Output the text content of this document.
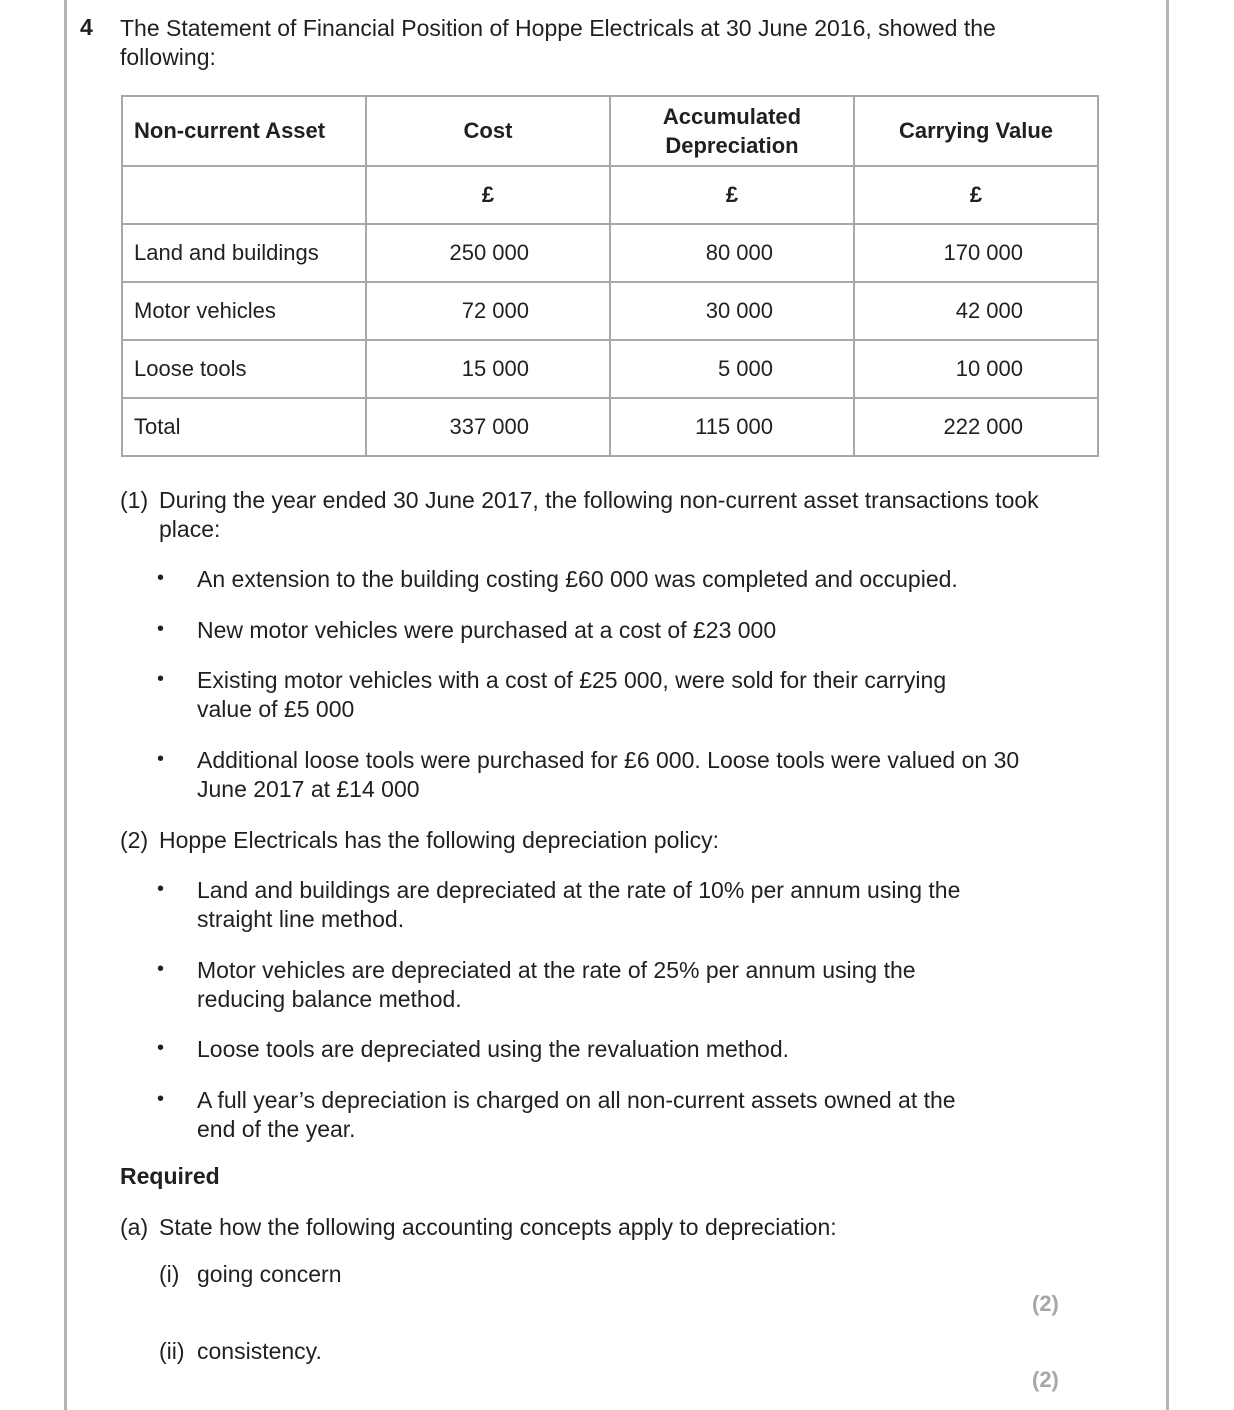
4 The Statement of Financial Position of Hoppe Electricals at 30 June 2016, showed the following:
Non-current Asset	Cost	Accumulated Depreciation	Carrying Value
	£	£	£
Land and buildings	250 000	80 000	170 000
Motor vehicles	72 000	30 000	42 000
Loose tools	15 000	5 000	10 000
Total	337 000	115 000	222 000
(1) During the year ended 30 June 2017, the following non-current asset transactions took place:
• An extension to the building costing £60 000 was completed and occupied.
• New motor vehicles were purchased at a cost of £23 000
• Existing motor vehicles with a cost of £25 000, were sold for their carrying value of £5 000
• Additional loose tools were purchased for £6 000. Loose tools were valued on 30 June 2017 at £14 000
(2) Hoppe Electricals has the following depreciation policy:
• Land and buildings are depreciated at the rate of 10% per annum using the straight line method.
• Motor vehicles are depreciated at the rate of 25% per annum using the reducing balance method.
• Loose tools are depreciated using the revaluation method.
• A full year’s depreciation is charged on all non-current assets owned at the end of the year.
Required
(a) State how the following accounting concepts apply to depreciation:
(i) going concern
(2)
(ii) consistency.
(2)
